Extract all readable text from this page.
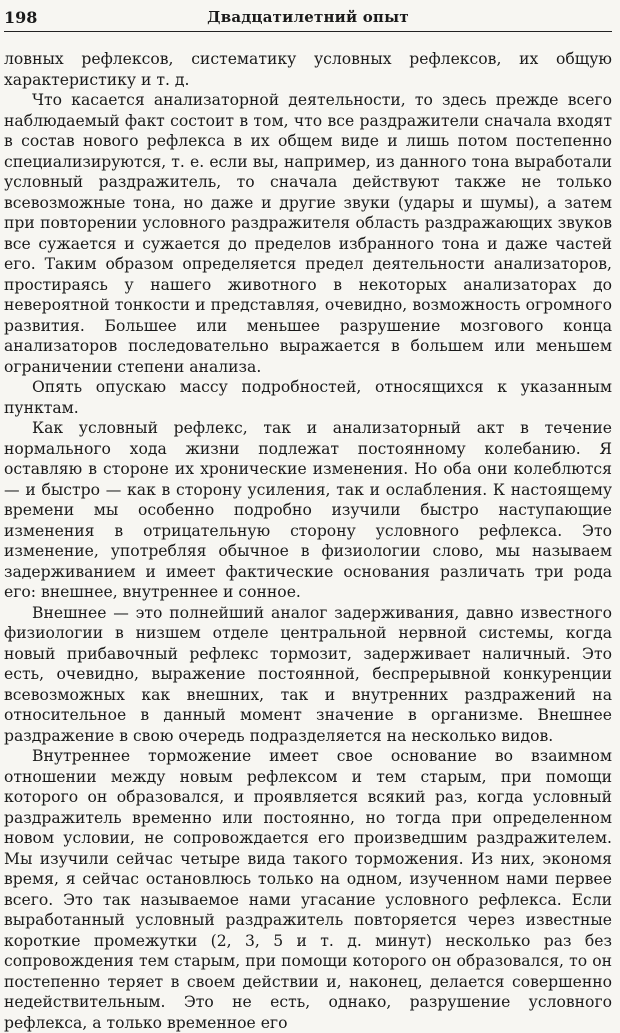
198	Двадцатилетний опыт

ловных рефлексов, систематику условных рефлексов, их общую характеристику и т. д.

Что касается анализаторной деятельности, то здесь прежде всего наблюдаемый факт состоит в том, что все раздражители сначала входят в состав нового рефлекса в их общем виде и лишь потом постепенно специализируются, т. е. если вы, например, из данного тона выработали условный раздражитель, то сначала действуют также не только всевозможные тона, но даже и другие звуки (удары и шумы), а затем при повторении условного раздражителя область раздражающих звуков все сужается и сужается до пределов избранного тона и даже частей его. Таким образом определяется предел деятельности анализаторов, простираясь у нашего животного в некоторых анализаторах до невероятной тонкости и представляя, очевидно, возможность огромного развития. Большее или меньшее разрушение мозгового конца анализаторов последовательно выражается в большем или меньшем ограничении степени анализа.

Опять опускаю массу подробностей, относящихся к указанным пунктам.

Как условный рефлекс, так и анализаторный акт в течение нормального хода жизни подлежат постоянному колебанию. Я оставляю в стороне их хронические изменения. Но оба они колеблются — и быстро — как в сторону усиления, так и ослабления. К настоящему времени мы особенно подробно изучили быстро наступающие изменения в отрицательную сторону условного рефлекса. Это изменение, употребляя обычное в физиологии слово, мы называем задерживанием и имеет фактические основания различать три рода его: внешнее, внутреннее и сонное.

Внешнее — это полнейший аналог задерживания, давно известного физиологии в низшем отделе центральной нервной системы, когда новый прибавочный рефлекс тормозит, задерживает наличный. Это есть, очевидно, выражение постоянной, беспрерывной конкуренции всевозможных как внешних, так и внутренних раздражений на относительное в данный момент значение в организме. Внешнее раздражение в свою очередь подразделяется на несколько видов.

Внутреннее торможение имеет свое основание во взаимном отношении между новым рефлексом и тем старым, при помощи которого он образовался, и проявляется всякий раз, когда условный раздражитель временно или постоянно, но тогда при определенном новом условии, не сопровождается его произведшим раздражителем. Мы изучили сейчас четыре вида такого торможения. Из них, экономя время, я сейчас остановлюсь только на одном, изученном нами первее всего. Это так называемое нами угасание условного рефлекса. Если выработанный условный раздражитель повторяется через известные короткие промежутки (2, 3, 5 и т. д. минут) несколько раз без сопровождения тем старым, при помощи которого он образовался, то он постепенно теряет в своем действии и, наконец, делается совершенно недействительным. Это не есть, однако, разрушение условного рефлекса, а только временное его
